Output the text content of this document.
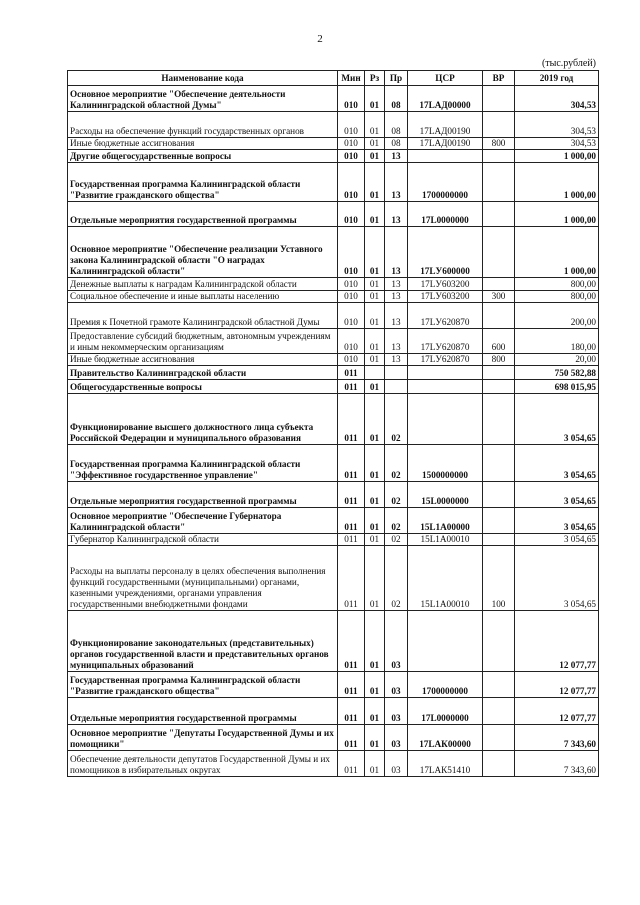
2
(тыс.рублей)
Наименование кода	Мин	Рз	Пр	ЦСР	ВР	2019 год
Основное мероприятие "Обеспечение деятельности Калининградской областной Думы"	010	01	08	17LАД00000		304,53
Расходы на обеспечение функций государственных органов	010	01	08	17LАД00190		304,53
Иные бюджетные ассигнования	010	01	08	17LАД00190	800	304,53
Другие общегосударственные вопросы	010	01	13			1 000,00
Государственная программа Калининградской области "Развитие гражданского общества"	010	01	13	1700000000		1 000,00
Отдельные мероприятия государственной программы	010	01	13	17L0000000		1 000,00
Основное мероприятие "Обеспечение реализации Уставного закона Калининградской области "О наградах Калининградской области"	010	01	13	17LУ600000		1 000,00
Денежные выплаты к наградам Калининградской области	010	01	13	17LУ603200		800,00
Социальное обеспечение и иные выплаты населению	010	01	13	17LУ603200	300	800,00
Премия к Почетной грамоте Калининградской областной Думы	010	01	13	17LУ620870		200,00
Предоставление субсидий бюджетным, автономным учреждениям и иным некоммерческим организациям	010	01	13	17LУ620870	600	180,00
Иные бюджетные ассигнования	010	01	13	17LУ620870	800	20,00
Правительство Калининградской области	011					750 582,88
Общегосударственные вопросы	011	01				698 015,95
Функционирование высшего должностного лица субъекта Российской Федерации и муниципального образования	011	01	02			3 054,65
Государственная программа Калининградской области "Эффективное государственное управление"	011	01	02	1500000000		3 054,65
Отдельные мероприятия государственной программы	011	01	02	15L0000000		3 054,65
Основное мероприятие "Обеспечение Губернатора Калининградской области"	011	01	02	15L1А00000		3 054,65
Губернатор Калининградской области	011	01	02	15L1А00010		3 054,65
Расходы на выплаты персоналу в целях обеспечения выполнения функций государственными (муниципальными) органами, казенными учреждениями, органами управления государственными внебюджетными фондами	011	01	02	15L1А00010	100	3 054,65
Функционирование законодательных (представительных) органов государственной власти и представительных органов муниципальных образований	011	01	03			12 077,77
Государственная программа Калининградской области "Развитие гражданского общества"	011	01	03	1700000000		12 077,77
Отдельные мероприятия государственной программы	011	01	03	17L0000000		12 077,77
Основное мероприятие "Депутаты Государственной Думы и их помощники"	011	01	03	17LАК00000		7 343,60
Обеспечение деятельности депутатов Государственной Думы и их помощников в избирательных округах	011	01	03	17LАК51410		7 343,60
